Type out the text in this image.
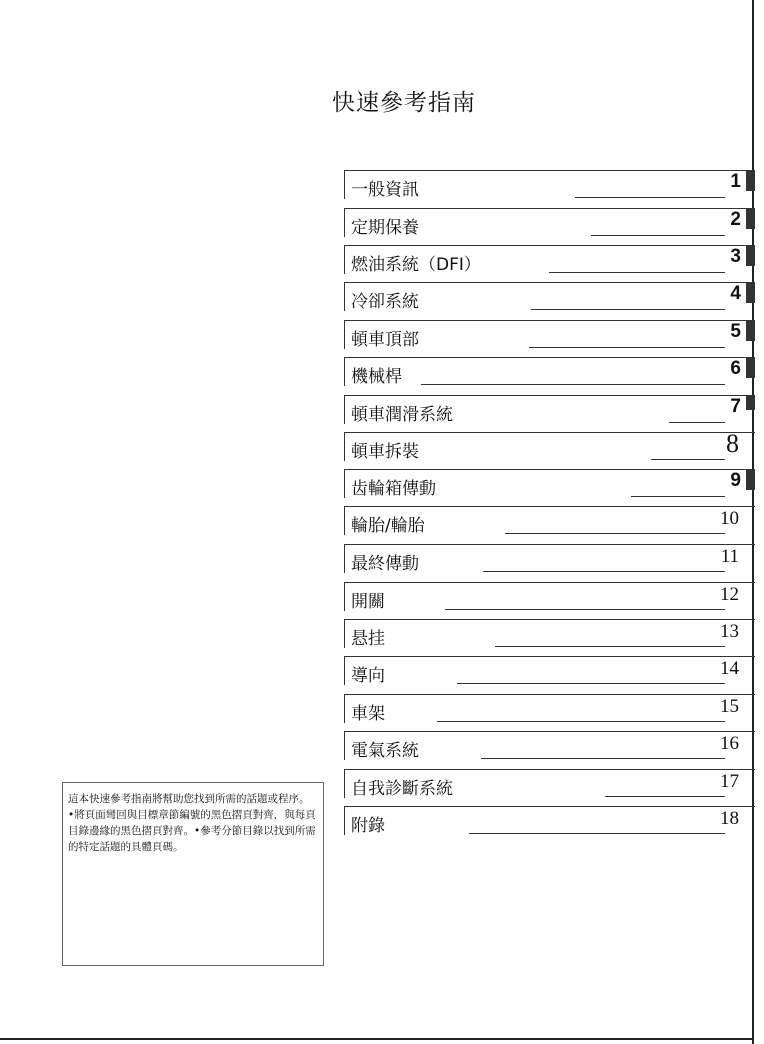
快速參考指南
一般資訊	1
定期保養	2
燃油系統（DFI）	3
冷卻系統	4
頓車頂部	5
機械桿	6
頓車潤滑系統	7
頓車拆裝	8
齿輪箱傳動	9
輪胎/輪胎	10
最終傳動	11
開關	12
悬挂	13
導向	14
車架	15
電氣系統	16
自我診斷系統	17
附錄	18

這本快速參考指南將幫助您找到所需的話題或程序。

•將頁面彎回與目標章節編號的黑色摺頁對齊，與每頁目錄邊緣的黑色摺頁對齊。•參考分節目錄以找到所需的特定話題的具體頁碼。
